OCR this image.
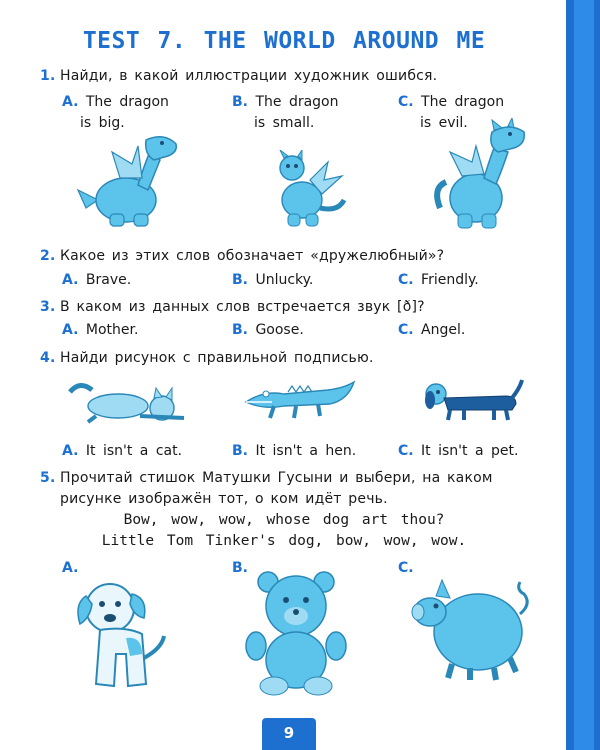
TEST 7. THE WORLD AROUND ME
1. Найди, в какой иллюстрации художник ошибся.
A. The dragon
is big.
B. The dragon
is small.
C. The dragon
is evil.
2. Какое из этих слов обозначает «дружелюбный»?
A. Brave.	B. Unlucky.	C. Friendly.
3. В каком из данных слов встречается звук [ð]?
A. Mother.	B. Goose.	C. Angel.
4. Найди рисунок с правильной подписью.
A. It isn't a cat.	B. It isn't a hen.	C. It isn't a pet.
5. Прочитай стишок Матушки Гусыни и выбери, на каком
рисунке изображён тот, о ком идёт речь.
Bow, wow, wow, whose dog art thou?
Little Tom Tinker's dog, bow, wow, wow.
A.	B.	C.
9
